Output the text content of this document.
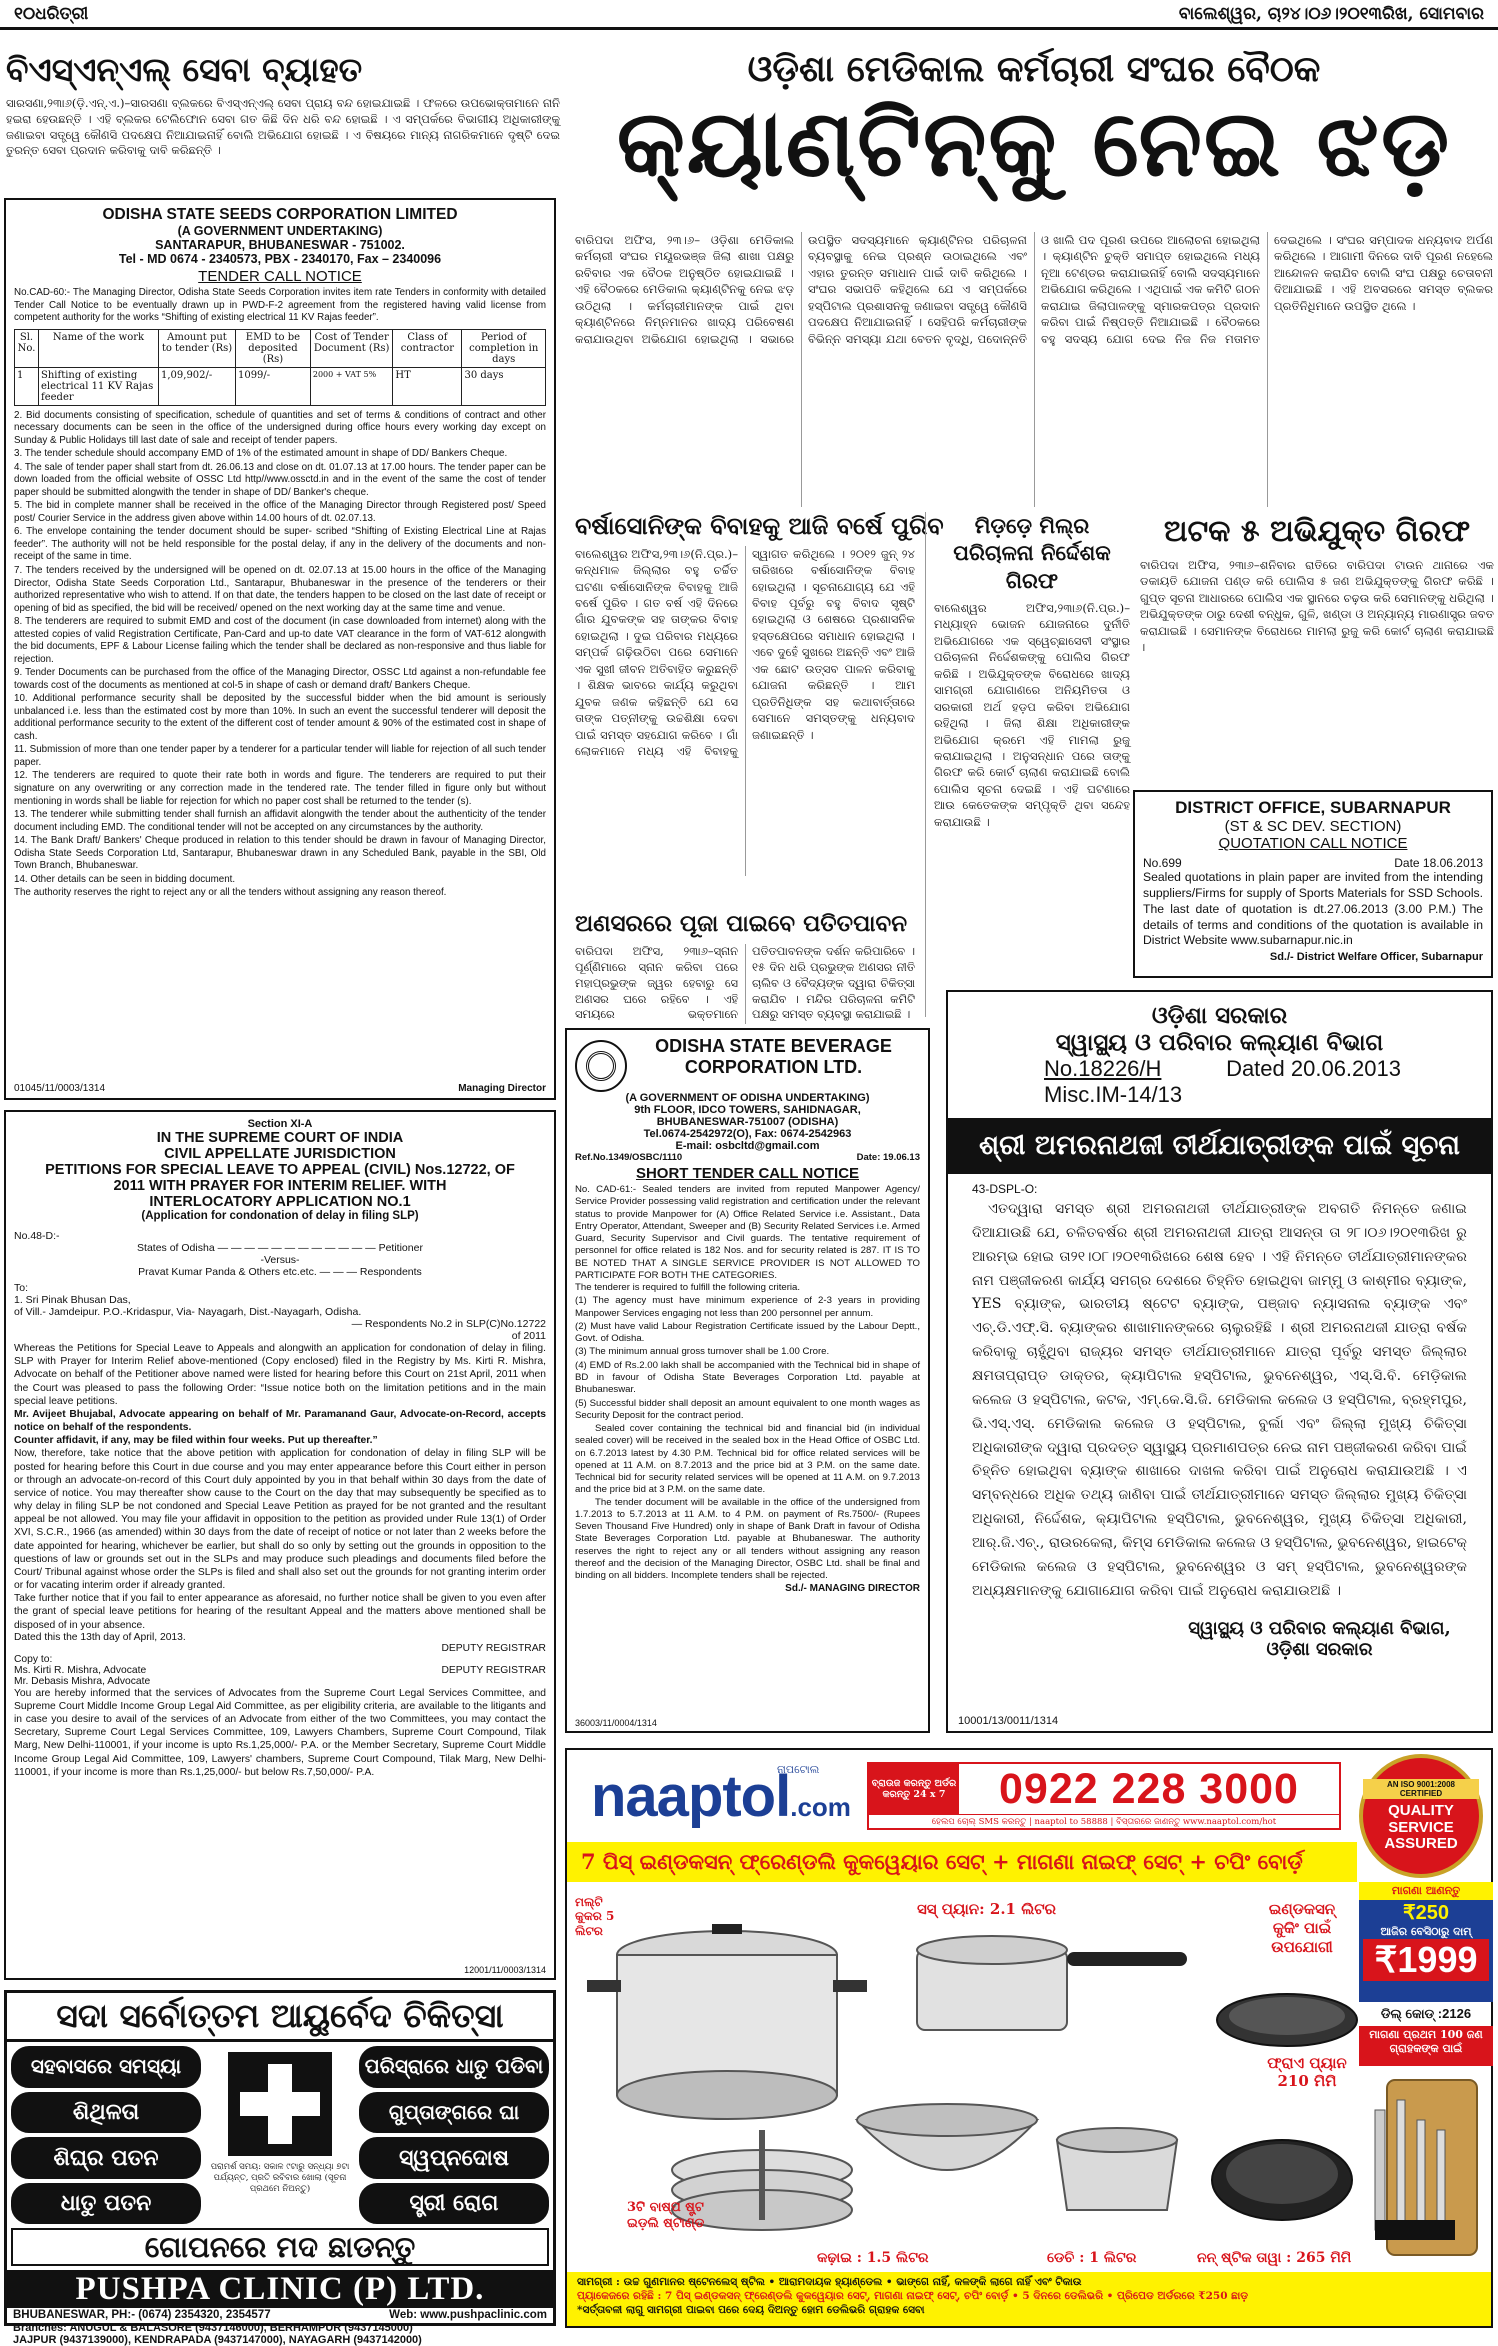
୧୦ଧରିତ୍ରୀ	ବାଲେଶ୍ୱର, ଚା୨୪।୦୬।୨୦୧୩ରିଖ, ସୋମବାର
ବିଏସ୍‌ଏନ୍‌ଏଲ୍ ସେବା ବ୍ୟାହତ
ସାରସଣା,୨୩ା୬(ଡ଼ି.ଏନ୍‌.ଏ.)–ସାରସଣା ବ୍ଲକରେ ବିଏସ୍‌ଏନ୍‌ଏଲ୍ ସେବା ପ୍ରାୟ ବନ୍ଦ ହୋଇଯାଇଛି । ଫଳରେ ଉପଭୋକ୍ତାମାନେ ନାନି ହଇରା ହେଉଛନ୍ତି । ଏହି ବ୍ଲକର ଟେଲିଫୋନ ସେବା ଗତ କିଛି ଦିନ ଧରି ବନ୍ଦ ହୋଇଛି । ଏ ସମ୍ପର୍କରେ ବିଭାଗୀୟ ଅଧିକାରୀଙ୍କୁ ଜଣାଇବା ସତ୍ତ୍ୱେ କୌଣସି ପଦକ୍ଷେପ ନିଆଯାଇନାହିଁ ବୋଲି ଅଭିଯୋଗ ହୋଇଛି । ଏ ବିଷୟରେ ମାନ୍ୟ ନାଗରିକମାନେ ଦୃଷ୍ଟି ଦେଇ ତୁରନ୍ତ ସେବା ପ୍ରଦାନ କରିବାକୁ ଦାବି କରିଛନ୍ତି ।
ଓଡ଼ିଶା ମେଡିକାଲ କର୍ମଚାରୀ ସଂଘର ବୈଠକ
କ୍ୟାଣ୍ଟିନ୍‌କୁ ନେଇ ଝଡ଼
ବାରିପଦା ଅଫିସ, ୨୩।୬– ଓଡ଼ିଶା ମେଡିକାଲ କର୍ମଚାରୀ ସଂଘର ମୟୂରଭଞ୍ଜ ଜିଲା ଶାଖା ପକ୍ଷରୁ ରବିବାର ଏକ ବୈଠକ ଅନୁଷ୍ଠିତ ହୋଇଯାଇଛି । ଏହି ବୈଠକରେ ମେଡିକାଲ କ୍ୟାଣ୍ଟିନକୁ ନେଇ ଝଡ଼ ଉଠିଥିଲା । କର୍ମଚାରୀମାନଙ୍କ ପାଇଁ ଥିବା କ୍ୟାଣ୍ଟିନରେ ନିମ୍ନମାନର ଖାଦ୍ୟ ପରିବେଷଣ କରାଯାଉଥିବା ଅଭିଯୋଗ ହୋଇଥିଲା । ସଭାରେ ଉପସ୍ଥିତ ସଦସ୍ୟମାନେ କ୍ୟାଣ୍ଟିନର ପରିଚାଳନା ବ୍ୟବସ୍ଥାକୁ ନେଇ ପ୍ରଶ୍ନ ଉଠାଇଥିଲେ ଏବଂ ଏହାର ତୁରନ୍ତ ସମାଧାନ ପାଇଁ ଦାବି କରିଥିଲେ । ସଂଘର ସଭାପତି କହିଥିଲେ ଯେ ଏ ସମ୍ପର୍କରେ ହସ୍ପିଟାଲ ପ୍ରଶାସନକୁ ଜଣାଇବା ସତ୍ତ୍ୱେ କୌଣସି ପଦକ୍ଷେପ ନିଆଯାଇନାହିଁ । ସେହିପରି କର୍ମଚାରୀଙ୍କ ବିଭିନ୍ନ ସମସ୍ୟା ଯଥା ବେତନ ବୃଦ୍ଧି, ପଦୋନ୍ନତି ଓ ଖାଲି ପଦ ପୂରଣ ଉପରେ ଆଲୋଚନା ହୋଇଥିଲା । କ୍ୟାଣ୍ଟିନ ଚୁକ୍ତି ସମାପ୍ତ ହୋଇଥିଲେ ମଧ୍ୟ ନୂଆ ଟେଣ୍ଡର କରାଯାଇନାହିଁ ବୋଲି ସଦସ୍ୟମାନେ ଅଭିଯୋଗ କରିଥିଲେ । ଏଥିପାଇଁ ଏକ କମିଟି ଗଠନ କରାଯାଇ ଜିଲାପାଳଙ୍କୁ ସ୍ମାରକପତ୍ର ପ୍ରଦାନ କରିବା ପାଇଁ ନିଷ୍ପତ୍ତି ନିଆଯାଇଛି । ବୈଠକରେ ବହୁ ସଦସ୍ୟ ଯୋଗ ଦେଇ ନିଜ ନିଜ ମତାମତ ଦେଇଥିଲେ । ସଂଘର ସମ୍ପାଦକ ଧନ୍ୟବାଦ ଅର୍ପଣ କରିଥିଲେ । ଆଗାମୀ ଦିନରେ ଦାବି ପୂରଣ ନହେଲେ ଆନ୍ଦୋଳନ କରାଯିବ ବୋଲି ସଂଘ ପକ୍ଷରୁ ଚେତାବନୀ ଦିଆଯାଇଛି । ଏହି ଅବସରରେ ସମସ୍ତ ବ୍ଲକର ପ୍ରତିନିଧିମାନେ ଉପସ୍ଥିତ ଥିଲେ ।
ODISHA STATE SEEDS CORPORATION LIMITED
(A GOVERNMENT UNDERTAKING)
SANTARAPUR, BHUBANESWAR - 751002.
Tel - MD 0674 - 2340573, PBX - 2340170, Fax – 2340096
TENDER CALL NOTICE
No.CAD-60:- The Managing Director, Odisha State Seeds Corporation invites item rate Tenders in conformity with detailed Tender Call Notice to be eventually drawn up in PWD-F-2 agreement from the registered having valid license from competent authority for the works “Shifting of existing electrical 11 KV Rajas feeder”.
Sl. No.	Name of the work	Amount put to tender (Rs)	EMD to be deposited (Rs)	Cost of Tender Document (Rs)	Class of contractor	Period of completion in days
1	Shifting of existing electrical 11 KV Rajas feeder	1,09,902/-	1099/-	2000 + VAT 5%	HT	30 days

2. Bid documents consisting of specification, schedule of quantities and set of terms & conditions of contract and other necessary documents can be seen in the office of the undersigned during office hours every working day except on Sunday & Public Holidays till last date of sale and receipt of tender papers.

3. The tender schedule should accompany EMD of 1% of the estimated amount in shape of DD/ Bankers Cheque.

4. The sale of tender paper shall start from dt. 26.06.13 and close on dt. 01.07.13 at 17.00 hours. The tender paper can be down loaded from the official website of OSSC Ltd http//www.ossctd.in and in the event of the same the cost of tender paper should be submitted alongwith the tender in shape of DD/ Banker's cheque.

5. The bid in complete manner shall be received in the office of the Managing Director through Registered post/ Speed post/ Courier Service in the address given above within 14.00 hours of dt. 02.07.13.

6. The envelope containing the tender document should be super- scribed “Shifting of Existing Electrical Line at Rajas feeder”. The authority will not be held responsible for the postal delay, if any in the delivery of the documents and non-receipt of the same in time.

7. The tenders received by the undersigned will be opened on dt. 02.07.13 at 15.00 hours in the office of the Managing Director, Odisha State Seeds Corporation Ltd., Santarapur, Bhubaneswar in the presence of the tenderers or their authorized representative who wish to attend. If on that date, the tenders happen to be closed on the last date of receipt or opening of bid as specified, the bid will be received/ opened on the next working day at the same time and venue.

8. The tenderers are required to submit EMD and cost of the document (in case downloaded from internet) along with the attested copies of valid Registration Certificate, Pan-Card and up-to date VAT clearance in the form of VAT-612 alongwith the bid documents, EPF & Labour License failing which the tender shall be declared as non-responsive and thus liable for rejection.

9. Tender Documents can be purchased from the office of the Managing Director, OSSC Ltd against a non-refundable fee towards cost of the documents as mentioned at col-5 in shape of cash or demand draft/ Bankers Cheque.

10. Additional performance security shall be deposited by the successful bidder when the bid amount is seriously unbalanced i.e. less than the estimated cost by more than 10%. In such an event the successful tenderer will deposit the additional performance security to the extent of the different cost of tender amount & 90% of the estimated cost in shape of cash.

11. Submission of more than one tender paper by a tenderer for a particular tender will liable for rejection of all such tender paper.

12. The tenderers are required to quote their rate both in words and figure. The tenderers are required to put their signature on any overwriting or any correction made in the tendered rate. The tender filled in figure only but without mentioning in words shall be liable for rejection for which no paper cost shall be returned to the tender (s).

13. The tenderer while submitting tender shall furnish an affidavit alongwith the tender about the authenticity of the tender document including EMD. The conditional tender will not be accepted on any circumstances by the authority.

14. The Bank Draft/ Bankers' Cheque produced in relation to this tender should be drawn in favour of Managing Director, Odisha State Seeds Corporation Ltd, Santarapur, Bhubaneswar drawn in any Scheduled Bank, payable in the SBI, Old Town Branch, Bhubaneswar.

14. Other details can be seen in bidding document.

The authority reserves the right to reject any or all the tenders without assigning any reason thereof.

01045/11/0003/1314	Managing Director
Section XI-A
IN THE SUPREME COURT OF INDIA
CIVIL APPELLATE JURISDICTION
PETITIONS FOR SPECIAL LEAVE TO APPEAL (CIVIL) Nos.12722, OF 2011 WITH PRAYER FOR INTERIM RELIEF. WITH
INTERLOCATORY APPLICATION NO.1
(Application for condonation of delay in filing SLP)
No.48-D:-
States of Odisha — — — — — — — — — — — — Petitioner
-Versus-
Pravat Kumar Panda & Others etc.etc. — — — Respondents
To:
1. Sri Pinak Bhusan Das,
of Vill.- Jamdeipur. P.O.-Kridaspur, Via- Nayagarh, Dist.-Nayagarh, Odisha.
— Respondents No.2 in SLP(C)No.12722 of 2011
Whereas the Petitions for Special Leave to Appeals and alongwith an application for condonation of delay in filing. SLP with Prayer for Interim Relief above-mentioned (Copy enclosed) filed in the Registry by Ms. Kirti R. Mishra, Advocate on behalf of the Petitioner above named were listed for hearing before this Court on 21st April, 2011 when the Court was pleased to pass the following Order: “Issue notice both on the limitation petitions and in the main special leave petitions.
Mr. Avijeet Bhujabal, Advocate appearing on behalf of Mr. Paramanand Gaur, Advocate-on-Record, accepts notice on behalf of the respondents.
Counter affidavit, if any, may be filed within four weeks. Put up thereafter.”
Now, therefore, take notice that the above petition with application for condonation of delay in filing SLP will be posted for hearing before this Court in due course and you may enter appearance before this Court either in person or through an advocate-on-record of this Court duly appointed by you in that behalf within 30 days from the date of service of notice. You may thereafter show cause to the Court on the day that may subsequently be specified as to why delay in filing SLP be not condoned and Special Leave Petition as prayed for be not granted and the resultant appeal be not allowed. You may file your affidavit in opposition to the petition as provided under Rule 13(1) of Order XVI, S.C.R., 1966 (as amended) within 30 days from the date of receipt of notice or not later than 2 weeks before the date appointed for hearing, whichever be earlier, but shall do so only by setting out the grounds in opposition to the questions of law or grounds set out in the SLPs and may produce such pleadings and documents filed before the Court/ Tribunal against whose order the SLPs is filed and shall also set out the grounds for not granting interim order or for vacating interim order if already granted.
Take further notice that if you fail to enter appearance as aforesaid, no further notice shall be given to you even after the grant of special leave petitions for hearing of the resultant Appeal and the matters above mentioned shall be disposed of in your absence.
Dated this the 13th day of April, 2013.
DEPUTY REGISTRAR
Copy to:
Ms. Kirti R. Mishra, Advocate	DEPUTY REGISTRAR
Mr. Debasis Mishra, Advocate
You are hereby informed that the services of Advocates from the Supreme Court Legal Services Committee, and Supreme Court Middle Income Group Legal Aid Committee, as per eligibility criteria, are available to the litigants and in case you desire to avail of the services of an Advocate from either of the two Committees, you may contact the Secretary, Supreme Court Legal Services Committee, 109, Lawyers Chambers, Supreme Court Compound, Tilak Marg, New Delhi-110001, if your income is upto Rs.1,25,000/- P.A. or the Member Secretary, Supreme Court Middle Income Group Legal Aid Committee, 109, Lawyers' chambers, Supreme Court Compound, Tilak Marg, New Delhi-110001, if your income is more than Rs.1,25,000/- but below Rs.7,50,000/- P.A.
12001/11/0003/1314
ସଦା ସର୍ବୋତ୍ତମ ଆୟୁର୍ବେଦ ଚିକିତ୍ସା
ସହବାସରେ ସମସ୍ୟା
ଶିଥିଳତା
ଶିଘ୍ର ପତନ
ଧାତୁ ପତନ
ପରାମର୍ଶ ସମୟ: ସକାଳ ୯ଟାରୁ ସନ୍ଧ୍ୟା ୭ଟା ପର୍ଯ୍ୟନ୍ତ, ପ୍ରତି ରବିବାର ଖୋଲା (ସୂଚନା ପ୍ରଥମେ ନିଅନ୍ତୁ)
ପରିସ୍ରାରେ ଧାତୁ ପଡିବା
ଗୁପ୍ତାଙ୍ଗରେ ଘା
ସ୍ୱପ୍ନଦୋଷ
ସ୍ତ୍ରୀ ରୋଗ
ଗୋପନରେ ମଦ ଛାଡନ୍ତୁ
PUSHPA CLINIC (P) LTD.
BHUBANESWAR, PH:- (0674) 2354320, 2354577	Web: www.pushpaclinic.com
Branches: ANUGUL & BALASORE (9437146000), BERHAMPUR (9437145000)
JAJPUR (9437139000), KENDRAPADA (9437147000), NAYAGARH (9437142000)
ବର୍ଷାସୋନିଙ୍କ ବିବାହକୁ ଆଜି ବର୍ଷେ ପୁରିବ
ବାଲେଶ୍ୱର ଅଫିସ,୨୩।୬(ନି.ପ୍ର.)– କନ୍ଧମାଳ ଜିଲ୍ଲାର ବହୁ ଚର୍ଚ୍ଚିତ ଘଟଣା ବର୍ଷାସୋନିଙ୍କ ବିବାହକୁ ଆଜି ବର୍ଷେ ପୁରିବ । ଗତ ବର୍ଷ ଏହି ଦିନରେ ଗାଁର ଯୁବକଙ୍କ ସହ ତାଙ୍କର ବିବାହ ହୋଇଥିଲା । ଦୁଇ ପରିବାର ମଧ୍ୟରେ ସମ୍ପର୍କ ଗଢ଼ିଉଠିବା ପରେ ସେମାନେ ଏକ ସୁଖୀ ଜୀବନ ଅତିବାହିତ କରୁଛନ୍ତି । ଶିକ୍ଷକ ଭାବରେ କାର୍ଯ୍ୟ କରୁଥିବା ଯୁବକ ଜଣକ କହିଛନ୍ତି ଯେ ସେ ତାଙ୍କ ପତ୍ନୀଙ୍କୁ ଉଚ୍ଚଶିକ୍ଷା ଦେବା ପାଇଁ ସମସ୍ତ ସହଯୋଗ କରିବେ । ଗାଁ ଲୋକମାନେ ମଧ୍ୟ ଏହି ବିବାହକୁ ସ୍ୱାଗତ କରିଥିଲେ । ୨୦୧୨ ଜୁନ୍ ୨୪ ତାରିଖରେ ବର୍ଷାସୋନିଙ୍କ ବିବାହ ହୋଇଥିଲା । ସୂଚନାଯୋଗ୍ୟ ଯେ ଏହି ବିବାହ ପୂର୍ବରୁ ବହୁ ବିବାଦ ସୃଷ୍ଟି ହୋଇଥିଲା ଓ ଶେଷରେ ପ୍ରଶାସନିକ ହସ୍ତକ୍ଷେପରେ ସମାଧାନ ହୋଇଥିଲା । ଏବେ ଦୁହେଁ ସୁଖରେ ଅଛନ୍ତି ଏବଂ ଆଜି ଏକ ଛୋଟ ଉତ୍ସବ ପାଳନ କରିବାକୁ ଯୋଜନା କରିଛନ୍ତି । ଆମ ପ୍ରତିନିଧିଙ୍କ ସହ କଥାବାର୍ତ୍ତାରେ ସେମାନେ ସମସ୍ତଙ୍କୁ ଧନ୍ୟବାଦ ଜଣାଇଛନ୍ତି ।
ମିଡ଼ଡ଼େ ମିଲ୍‌ର ପରିଚାଳନା ନିର୍ଦ୍ଦେଶକ ଗିରଫ
ବାଲେଶ୍ୱର ଅଫିସ,୨୩ା୬(ନି.ପ୍ର.)– ମଧ୍ୟାହ୍ନ ଭୋଜନ ଯୋଜନାରେ ଦୁର୍ନୀତି ଅଭିଯୋଗରେ ଏକ ସ୍ୱେଚ୍ଛାସେବୀ ସଂସ୍ଥାର ପରିଚାଳନା ନିର୍ଦ୍ଦେଶକଙ୍କୁ ପୋଲିସ ଗିରଫ କରିଛି । ଅଭିଯୁକ୍ତଙ୍କ ବିରୋଧରେ ଖାଦ୍ୟ ସାମଗ୍ରୀ ଯୋଗାଣରେ ଅନିୟମିତତା ଓ ସରକାରୀ ଅର୍ଥ ହଡ଼ପ କରିବା ଅଭିଯୋଗ ରହିଥିଲା । ଜିଲା ଶିକ୍ଷା ଅଧିକାରୀଙ୍କ ଅଭିଯୋଗ କ୍ରମେ ଏହି ମାମଲା ରୁଜୁ କରାଯାଇଥିଲା । ଅନୁସନ୍ଧାନ ପରେ ତାଙ୍କୁ ଗିରଫ କରି କୋର୍ଟ ଚାଲାଣ କରାଯାଇଛି ବୋଲି ପୋଲିସ ସୂଚନା ଦେଇଛି । ଏହି ଘଟଣାରେ ଆଉ କେତେକଙ୍କ ସମ୍ପୃକ୍ତି ଥିବା ସନ୍ଦେହ କରାଯାଉଛି ।
ଅଟକ ୫ ଅଭିଯୁକ୍ତ ଗିରଫ
ବାରିପଦା ଅଫିସ, ୨୩ା୬–ଶନିବାର ରାତିରେ ବାରିପଦା ଟାଉନ ଥାନାରେ ଏକ ଡକାୟତି ଯୋଜନା ପଣ୍ଡ କରି ପୋଲିସ ୫ ଜଣ ଅଭିଯୁକ୍ତଙ୍କୁ ଗିରଫ କରିଛି । ଗୁପ୍ତ ସୂଚନା ଆଧାରରେ ପୋଲିସ ଏକ ସ୍ଥାନରେ ଚଢ଼ଉ କରି ସେମାନଙ୍କୁ ଧରିଥିଲା । ଅଭିଯୁକ୍ତଙ୍କ ଠାରୁ ଦେଶୀ ବନ୍ଧୁକ, ଗୁଳି, ଖଣ୍ଡା ଓ ଅନ୍ୟାନ୍ୟ ମାରଣାସ୍ତ୍ର ଜବତ କରାଯାଇଛି । ସେମାନଙ୍କ ବିରୋଧରେ ମାମଲା ରୁଜୁ କରି କୋର୍ଟ ଚାଲାଣ କରାଯାଇଛି ।
ଅଣସରରେ ପୂଜା ପାଇବେ ପତିତପାବନ
ବାରିପଦା ଅଫିସ, ୨୩ା୬–ସ୍ନାନ ପୂର୍ଣ୍ଣିମାରେ ସ୍ନାନ କରିବା ପରେ ମହାପ୍ରଭୁଙ୍କ ଜ୍ୱର ହେବାରୁ ସେ ଅଣସର ଘରେ ରହିବେ । ଏହି ସମୟରେ ଭକ୍ତମାନେ ପତିତପାବନଙ୍କ ଦର୍ଶନ କରିପାରିବେ । ୧୫ ଦିନ ଧରି ପ୍ରଭୁଙ୍କ ଅଣସର ନୀତି ଚାଲିବ ଓ ବୈଦ୍ୟଙ୍କ ଦ୍ୱାରା ଚିକିତ୍ସା କରାଯିବ । ମନ୍ଦିର ପରିଚାଳନା କମିଟି ପକ୍ଷରୁ ସମସ୍ତ ବ୍ୟବସ୍ଥା କରାଯାଇଛି ।
DISTRICT OFFICE, SUBARNAPUR
(ST & SC DEV. SECTION)
QUOTATION CALL NOTICE
No.699	Date 18.06.2013
Sealed quotations in plain paper are invited from the intending suppliers/Firms for supply of Sports Materials for SSD Schools. The last date of quotation is dt.27.06.2013 (3.00 P.M.) The details of terms and conditions of the quotation is available in District Website www.subarnapur.nic.in
Sd./- District Welfare Officer, Subarnapur
ODISHA STATE BEVERAGE
CORPORATION LTD.
(A GOVERNMENT OF ODISHA UNDERTAKING)
9th FLOOR, IDCO TOWERS, SAHIDNAGAR,
BHUBANESWAR-751007 (ODISHA)
Tel.0674-2542972(O), Fax: 0674-2542963
E-mail: osbcltd@gmail.com
Ref.No.1349/OSBC/1110	Date: 19.06.13
SHORT TENDER CALL NOTICE
No. CAD-61:- Sealed tenders are invited from reputed Manpower Agency/ Service Provider possessing valid registration and certification under the relevant status to provide Manpower for (A) Office Related Service i.e. Assistant., Data Entry Operator, Attendant, Sweeper and (B) Security Related Services i.e. Armed Guard, Security Supervisor and Civil guards. The tentative requirement of personnel for office related is 182 Nos. and for security related is 287. IT IS TO BE NOTED THAT A SINGLE SERVICE PROVIDER IS NOT ALLOWED TO PARTICIPATE FOR BOTH THE CATEGORIES.
The tenderer is required to fulfill the following criteria.

(1) The agency must have minimum experience of 2-3 years in providing Manpower Services engaging not less than 200 personnel per annum.

(2) Must have valid Labour Registration Certificate issued by the Labour Deptt., Govt. of Odisha.

(3) The minimum annual gross turnover shall be 1.00 Crore.

(4) EMD of Rs.2.00 lakh shall be accompanied with the Technical bid in shape of BD in favour of Odisha State Beverages Corporation Ltd. payable at Bhubaneswar.

(5) Successful bidder shall deposit an amount equivalent to one month wages as Security Deposit for the contract period.

Sealed cover containing the technical bid and financial bid (in individual sealed cover) will be received in the sealed box in the Head Office of OSBC Ltd. on 6.7.2013 latest by 4.30 P.M. Technical bid for office related services will be opened at 11 A.M. on 8.7.2013 and the price bid at 3 P.M. on the same date. Technical bid for security related services will be opened at 11 A.M. on 9.7.2013 and the price bid at 3 P.M. on the same date.
The tender document will be available in the office of the undersigned from 1.7.2013 to 5.7.2013 at 11 A.M. to 4 P.M. on payment of Rs.7500/- (Rupees Seven Thousand Five Hundred) only in shape of Bank Draft in favour of Odisha State Beverages Corporation Ltd. payable at Bhubaneswar. The authority reserves the right to reject any or all tenders without assigning any reason thereof and the decision of the Managing Director, OSBC Ltd. shall be final and binding on all bidders. Incomplete tenders shall be rejected.
Sd./- MANAGING DIRECTOR
36003/11/0004/1314
ଓଡ଼ିଶା ସରକାର
ସ୍ୱାସ୍ଥ୍ୟ ଓ ପରିବାର କଲ୍ୟାଣ ବିଭାଗ
No.18226/H	Dated 20.06.2013
Misc.IM-14/13
ଶ୍ରୀ ଅମରନାଥଜୀ ତୀର୍ଥଯାତ୍ରୀଙ୍କ ପାଇଁ ସୂଚନା
43-DSPL-O:
ଏତଦ୍ୱାରା ସମସ୍ତ ଶ୍ରୀ ଅମରନାଥଜୀ ତୀର୍ଥଯାତ୍ରୀଙ୍କ ଅବଗତି ନିମନ୍ତେ ଜଣାଇ ଦିଆଯାଉଛି ଯେ, ଚଳିତବର୍ଷର ଶ୍ରୀ ଅମରନାଥଜୀ ଯାତ୍ରା ଆସନ୍ତା ତା ୨୮।୦୬।୨୦୧୩ରିଖ ରୁ ଆରମ୍ଭ ହୋଇ ତା୨୧।୦୮।୨୦୧୩ରିଖରେ ଶେଷ ହେବ । ଏହି ନିମନ୍ତେ ତୀର୍ଥଯାତ୍ରୀମାନଙ୍କର ନାମ ପଞ୍ଜୀକରଣ କାର୍ଯ୍ୟ ସମଗ୍ର ଦେଶରେ ଚିହ୍ନିତ ହୋଇଥିବା ଜାମ୍ମୁ ଓ କାଶ୍ମୀର ବ୍ୟାଙ୍କ, YES ବ୍ୟାଙ୍କ, ଭାରତୀୟ ଷ୍ଟେଟ ବ୍ୟାଙ୍କ, ପଞ୍ଜାବ ନ୍ୟାସନାଲ ବ୍ୟାଙ୍କ ଏବଂ ଏଚ୍‌.ଡି.ଏଫ୍‌.ସି. ବ୍ୟାଙ୍କର ଶାଖାମାନଙ୍କରେ ଚାଲୁରହିଛି । ଶ୍ରୀ ଅମରନାଥଜୀ ଯାତ୍ରା ବର୍ଷକ କରିବାକୁ ଚାହୁଁଥିବା ରାଜ୍ୟର ସମସ୍ତ ତୀର୍ଥଯାତ୍ରୀମାନେ ଯାତ୍ରା ପୂର୍ବରୁ ସମସ୍ତ ଜିଲ୍ଲାର କ୍ଷମତାପ୍ରାପ୍ତ ଡାକ୍ତର, କ୍ୟାପିଟାଲ ହସ୍ପିଟାଲ, ଭୁବନେଶ୍ୱର, ଏସ୍‌.ସି.ବି. ମେଡ଼ିକାଲ କଲେଜ ଓ ହସ୍ପିଟାଲ, କଟକ, ଏମ୍‌.କେ.ସି.ଜି. ମେଡିକାଲ କଲେଜ ଓ ହସ୍ପିଟାଲ, ବ୍ରହ୍ମପୁର, ଭି.ଏସ୍‌.ଏସ୍‌. ମେଡିକାଲ କଲେଜ ଓ ହସ୍ପିଟାଲ, ବୁର୍ଲା ଏବଂ ଜିଲ୍ଲା ମୁଖ୍ୟ ଚିକିତ୍ସା ଅଧିକାରୀଙ୍କ ଦ୍ୱାରା ପ୍ରଦତ୍ତ ସ୍ୱାସ୍ଥ୍ୟ ପ୍ରମାଣପତ୍ର ନେଇ ନାମ ପଞ୍ଜୀକରଣ କରିବା ପାଇଁ ଚିହ୍ନିତ ହୋଇଥିବା ବ୍ୟାଙ୍କ ଶାଖାରେ ଦାଖଲ କରିବା ପାଇଁ ଅନୁରୋଧ କରାଯାଉଅଛି । ଏ ସମ୍ବନ୍ଧରେ ଅଧିକ ତଥ୍ୟ ଜାଣିବା ପାଇଁ ତୀର୍ଥଯାତ୍ରୀମାନେ ସମସ୍ତ ଜିଲ୍ଲାର ମୁଖ୍ୟ ଚିକିତ୍ସା ଅଧିକାରୀ, ନିର୍ଦ୍ଦେଶକ, କ୍ୟାପିଟାଲ ହସ୍ପିଟାଲ, ଭୁବନେଶ୍ୱର, ମୁଖ୍ୟ ଚିକିତ୍ସା ଅଧିକାରୀ, ଆର୍‌.ଜି.ଏଚ୍‌., ରାଉରକେଲା, କିମ୍ସ ମେଡିକାଲ କଲେଜ ଓ ହସ୍ପିଟାଲ, ଭୁବନେଶ୍ୱର, ହାଇଟେକ୍ ମେଡିକାଲ କଲେଜ ଓ ହସ୍ପିଟାଲ, ଭୁବନେଶ୍ୱର ଓ ସମ୍ ହସ୍ପିଟାଲ, ଭୁବନେଶ୍ୱରଙ୍କ ଅଧ୍ୟକ୍ଷମାନଙ୍କୁ ଯୋଗାଯୋଗ କରିବା ପାଇଁ ଅନୁରୋଧ କରାଯାଉଅଛି ।
ସ୍ୱାସ୍ଥ୍ୟ ଓ ପରିବାର କଲ୍ୟାଣ ବିଭାଗ,
ଓଡ଼ିଶା ସରକାର
10001/13/0011/1314
naaptol.com
ନାପଟୋଲ
ବ୍ରାଉଜ କରନ୍ତୁ ଅର୍ଡର କରନ୍ତୁ 24 x 7	0922 228 3000
ହେଲପ ଚୋଲ୍ SMS କରନ୍ତୁ | naaptol to 58888 | ବିସ୍ତାରରେ ଜାଣନ୍ତୁ www.naaptol.com/hot
AN ISO 9001:2008 CERTIFIED
QUALITY SERVICE ASSURED
7 ପିସ୍ ଇଣ୍ଡକସନ୍ ଫ୍ରେଣ୍ଡଲି କୁକୱେୟାର ସେଟ୍ + ମାଗଣା ନାଇଫ୍ ସେଟ୍ + ଚପିଂ ବୋର୍ଡ଼
ମଲ୍ଟି କୁକର 5 ଲିଟର
ସସ୍ ପ୍ୟାନ: 2.1 ଲିଟର	ଇଣ୍ଡକସନ୍ କୁକିଂ ପାଇଁ ଉପଯୋଗୀ
ଫ୍ରାଏ ପ୍ୟାନ 210 ମିମି
3ଟି ବାଷ୍ପ ଷ୍ଟ୍ଟ ଇଡ଼ଲି ଷ୍ଟାଣ୍ଡ
କଢ଼ାଇ : 1.5 ଲିଟର	ଡେଚି : 1 ଲିଟର	ନନ୍ ଷ୍ଟିକ ତାୱା : 265 ମିମି
ମାଗଣା ଆଣନ୍ତୁ
₹250
ଆଜିର ବେସିଠାରୁ ଦାମ୍
₹1999
ଡିଲ୍ କୋଡ୍ :2126
ମାଗଣା ପ୍ରଥମ 100 ଜଣ ଗ୍ରାହକଙ୍କ ପାଇଁ
ସାମଗ୍ରୀ : ଉଚ୍ଚ ଗୁଣମାନର ଷ୍ଟେନଲେସ୍ ଷ୍ଟିଲ • ଆରାମଦାୟକ ହ୍ୟାଣ୍ଡେଲ • ଭାଙ୍ଗେ ନାହିଁ, କଳଙ୍କି ଲାଗେ ନାହିଁ ଏବଂ ଟିକାଉ
ପ୍ୟାକେଜରେ ରହିଛି : 7 ପିସ୍ ଇଣ୍ଡକସନ୍ ଫ୍ରେଣ୍ଡଲି କୁକୱେୟାର ସେଟ୍, ମାଗଣା ନାଇଫ୍ ସେଟ୍, ଚପିଂ ବୋର୍ଡ଼ • 5 ଦିନରେ ଡେଲିଭରି • ପ୍ରିପେଡ ଅର୍ଡରରେ ₹250 ଛାଡ଼
*ସର୍ତ୍ତାବଳୀ ଲାଗୁ ସାମଗ୍ରୀ ପାଇବା ପରେ ଦେୟ ଦିଅନ୍ତୁ ହୋମ ଡେଲିଭରି ଗ୍ରାହକ ସେବା
